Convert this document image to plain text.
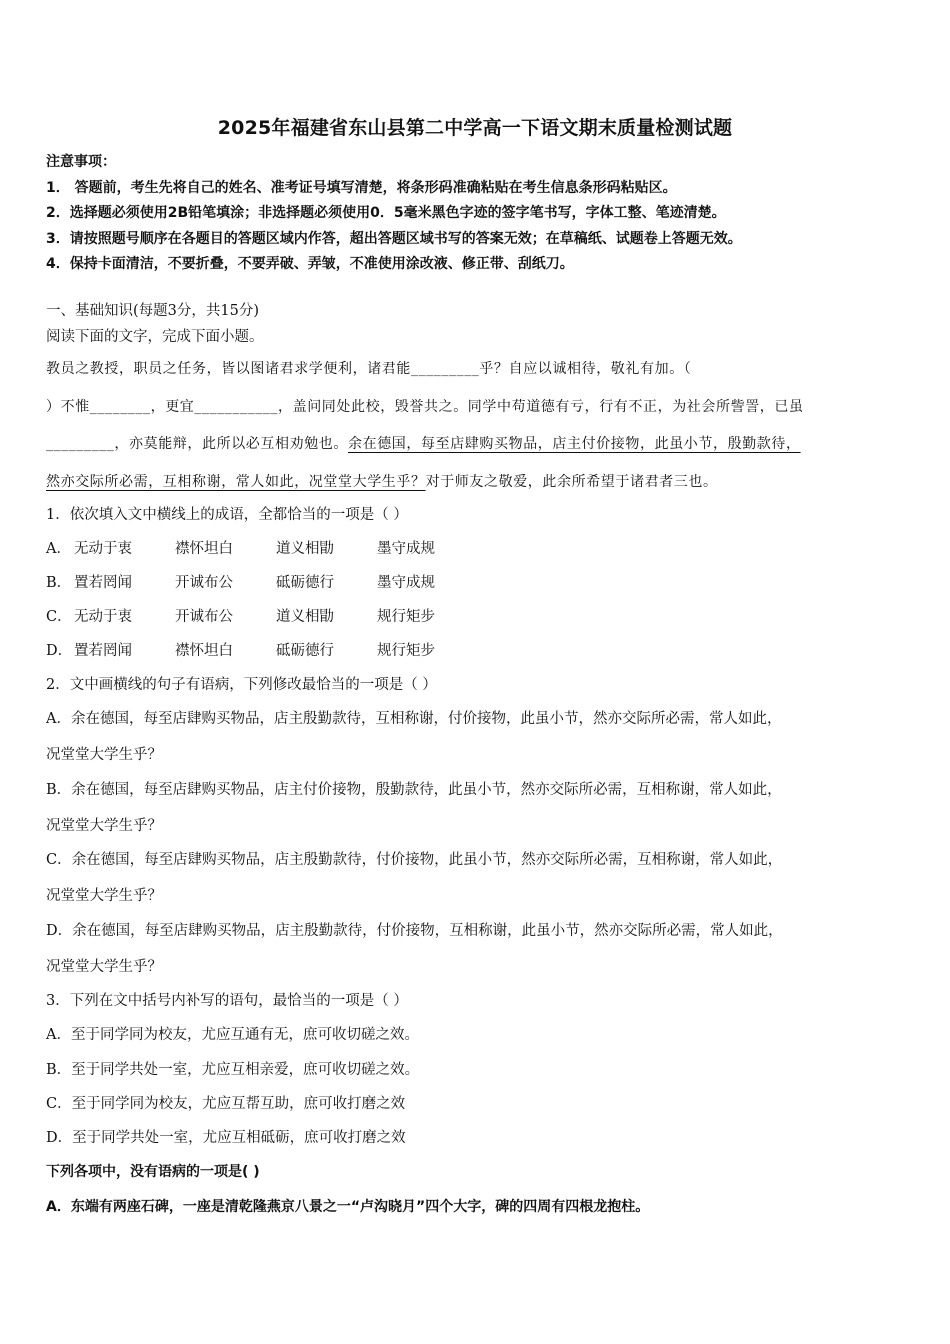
2025年福建省东山县第二中学高一下语文期末质量检测试题
注意事项：
1． 答题前，考生先将自己的姓名、准考证号填写清楚，将条形码准确粘贴在考生信息条形码粘贴区。
2．选择题必须使用2B铅笔填涂；非选择题必须使用0．5毫米黑色字迹的签字笔书写，字体工整、笔迹清楚。
3．请按照题号顺序在各题目的答题区域内作答，超出答题区域书写的答案无效；在草稿纸、试题卷上答题无效。
4．保持卡面清洁，不要折叠，不要弄破、弄皱，不准使用涂改液、修正带、刮纸刀。
一、基础知识(每题3分，共15分)
阅读下面的文字，完成下面小题。
教员之教授，职员之任务，皆以图诸君求学便利，诸君能_________乎？自应以诚相待，敬礼有加。（
）不惟________，更宜___________，盖问同处此校，毁誉共之。同学中苟道德有亏，行有不正，为社会所訾詈，已虽
_________，亦莫能辩，此所以必互相劝勉也。余在德国，每至店肆购买物品，店主付价接物，此虽小节，殷勤款待，
然亦交际所必需，互相称谢，常人如此，况堂堂大学生乎？对于师友之敬爱，此余所希望于诸君者三也。
1．依次填入文中横线上的成语，全都恰当的一项是（ ）
A． 无动于衷	襟怀坦白	道义相勖	墨守成规
B． 置若罔闻	开诚布公	砥砺德行	墨守成规
C． 无动于衷	开诚布公	道义相勖	规行矩步
D． 置若罔闻	襟怀坦白	砥砺德行	规行矩步
2．文中画横线的句子有语病，下列修改最恰当的一项是（ ）
A．余在德国，每至店肆购买物品，店主殷勤款待，互相称谢，付价接物，此虽小节，然亦交际所必需，常人如此，
况堂堂大学生乎？
B．余在德国，每至店肆购买物品，店主付价接物，殷勤款待，此虽小节，然亦交际所必需，互相称谢，常人如此，
况堂堂大学生乎？
C．余在德国，每至店肆购买物品，店主殷勤款待，付价接物，此虽小节，然亦交际所必需，互相称谢，常人如此，
况堂堂大学生乎？
D．余在德国，每至店肆购买物品，店主殷勤款待，付价接物，互相称谢，此虽小节，然亦交际所必需，常人如此，
况堂堂大学生乎？
3．下列在文中括号内补写的语句，最恰当的一项是（ ）
A．至于同学同为校友，尤应互通有无，庶可收切磋之效。
B．至于同学共处一室，尤应互相亲爱，庶可收切磋之效。
C．至于同学同为校友，尤应互帮互助，庶可收打磨之效
D．至于同学共处一室，尤应互相砥砺，庶可收打磨之效
下列各项中，没有语病的一项是( )
A．东端有两座石碑，一座是清乾隆燕京八景之一“卢沟晓月”四个大字，碑的四周有四根龙抱柱。
